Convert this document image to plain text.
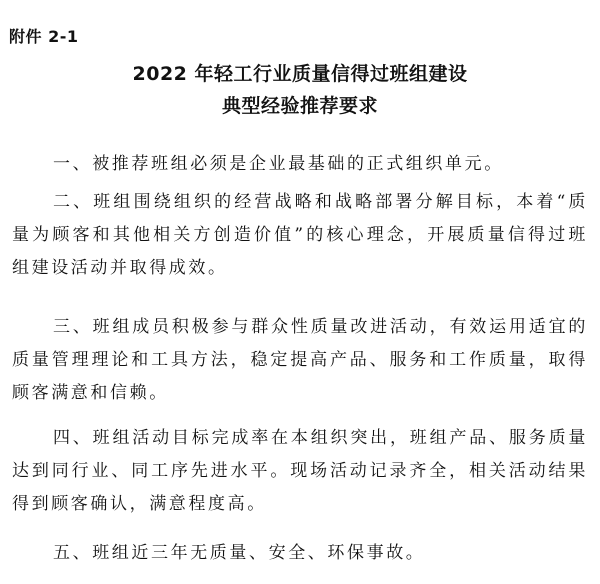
附件 2-1
2022 年轻工行业质量信得过班组建设
典型经验推荐要求

一、被推荐班组必须是企业最基础的正式组织单元。

二、班组围绕组织的经营战略和战略部署分解目标，本着“质量为顾客和其他相关方创造价值”的核心理念，开展质量信得过班组建设活动并取得成效。

三、班组成员积极参与群众性质量改进活动，有效运用适宜的质量管理理论和工具方法，稳定提高产品、服务和工作质量，取得顾客满意和信赖。

四、班组活动目标完成率在本组织突出，班组产品、服务质量达到同行业、同工序先进水平。现场活动记录齐全，相关活动结果得到顾客确认，满意程度高。

五、班组近三年无质量、安全、环保事故。
